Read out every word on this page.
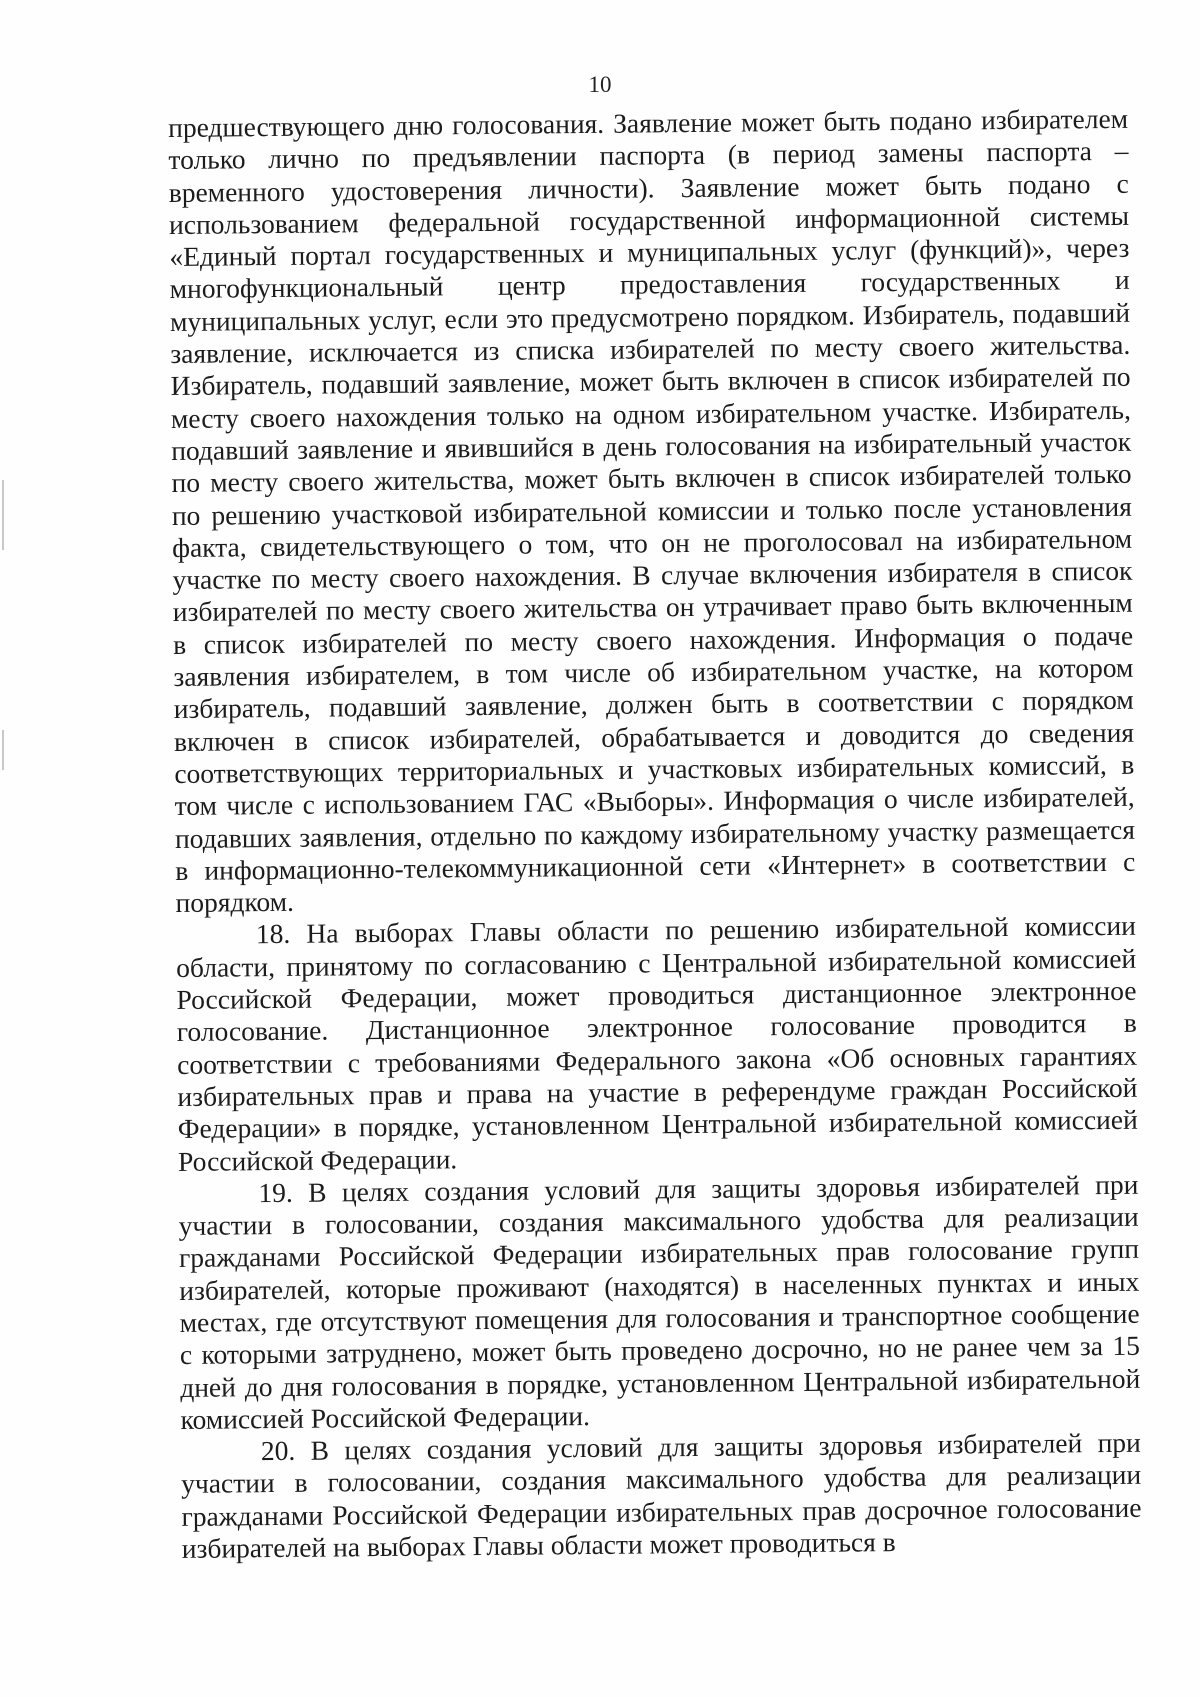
10

предшествующего дню голосования. Заявление может быть подано избирателем только лично по предъявлении паспорта (в период замены паспорта – временного удостоверения личности). Заявление может быть подано с использованием федеральной государственной информационной системы «Единый портал государственных и муниципальных услуг (функций)», через многофункциональный центр предоставления государственных и муниципальных услуг, если это предусмотрено порядком. Избиратель, подавший заявление, исключается из списка избирателей по месту своего жительства. Избиратель, подавший заявление, может быть включен в список избирателей по месту своего нахождения только на одном избирательном участке. Избиратель, подавший заявление и явившийся в день голосования на избирательный участок по месту своего жительства, может быть включен в список избирателей только по решению участковой избирательной комиссии и только после установления факта, свидетельствующего о том, что он не проголосовал на избирательном участке по месту своего нахождения. В случае включения избирателя в список избирателей по месту своего жительства он утрачивает право быть включенным в список избирателей по месту своего нахождения. Информация о подаче заявления избирателем, в том числе об избирательном участке, на котором избиратель, подавший заявление, должен быть в соответствии с порядком включен в список избирателей, обрабатывается и доводится до сведения соответствующих территориальных и участковых избирательных комиссий, в том числе с использованием ГАС «Выборы». Информация о числе избирателей, подавших заявления, отдельно по каждому избирательному участку размещается в информационно-телекоммуникационной сети «Интернет» в соответствии с порядком.

18. На выборах Главы области по решению избирательной комиссии области, принятому по согласованию с Центральной избирательной комиссией Российской Федерации, может проводиться дистанционное электронное голосование. Дистанционное электронное голосование проводится в соответствии с требованиями Федерального закона «Об основных гарантиях избирательных прав и права на участие в референдуме граждан Российской Федерации» в порядке, установленном Центральной избирательной комиссией Российской Федерации.

19. В целях создания условий для защиты здоровья избирателей при участии в голосовании, создания максимального удобства для реализации гражданами Российской Федерации избирательных прав голосование групп избирателей, которые проживают (находятся) в населенных пунктах и иных местах, где отсутствуют помещения для голосования и транспортное сообщение с которыми затруднено, может быть проведено досрочно, но не ранее чем за 15 дней до дня голосования в порядке, установленном Центральной избирательной комиссией Российской Федерации.

20. В целях создания условий для защиты здоровья избирателей при участии в голосовании, создания максимального удобства для реализации гражданами Российской Федерации избирательных прав досрочное голосование избирателей на выборах Главы области может проводиться в
